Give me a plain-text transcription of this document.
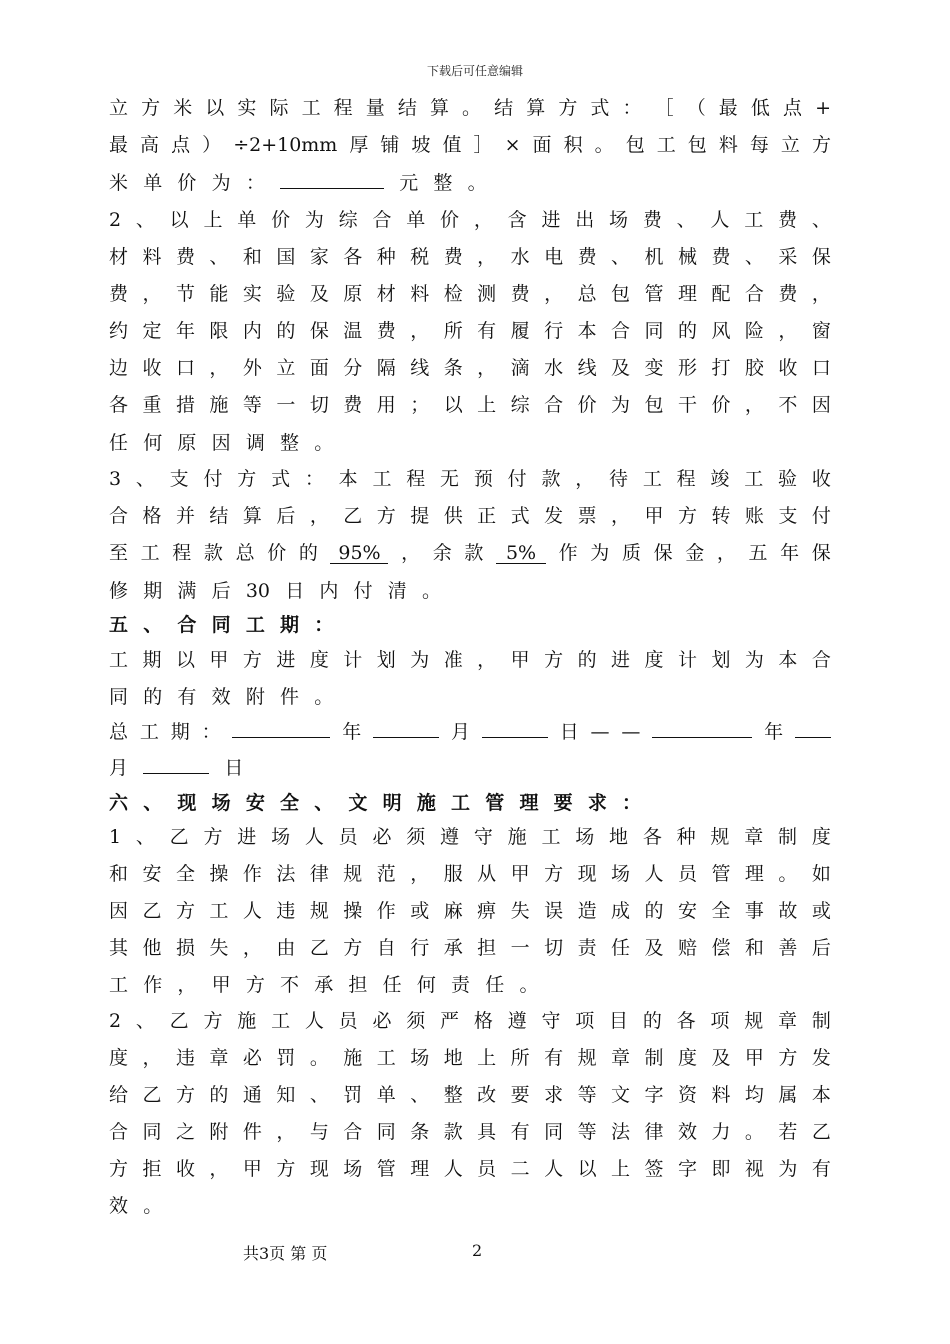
下载后可任意编辑
立 方 米 以 实 际 工 程 量 结 算 。 结 算 方 式 ： ［ （ 最 低 点 +
最 高 点 ） ÷2+10mm 厚 铺 坡 值 ］ × 面 积 。 包 工 包 料 每 立 方
米 单 价 为 ：	元 整 。
2 、 以 上 单 价 为 综 合 单 价 ， 含 进 出 场 费 、 人 工 费 、
材 料 费 、 和 国 家 各 种 税 费 ， 水 电 费 、 机 械 费 、 采 保
费 ， 节 能 实 验 及 原 材 料 检 测 费 ， 总 包 管 理 配 合 费 ，
约 定 年 限 内 的 保 温 费 ， 所 有 履 行 本 合 同 的 风 险 ， 窗
边 收 口 ， 外 立 面 分 隔 线 条 ， 滴 水 线 及 变 形 打 胶 收 口
各 重 措 施 等 一 切 费 用 ； 以 上 综 合 价 为 包 干 价 ， 不 因
任 何 原 因 调 整 。
3 、 支 付 方 式 ： 本 工 程 无 预 付 款 ， 待 工 程 竣 工 验 收
合 格 并 结 算 后 ， 乙 方 提 供 正 式 发 票 ， 甲 方 转 账 支 付
至 工 程 款 总 价 的	95%	， 余 款	5%	作 为 质 保 金 ， 五 年 保
修 期 满 后 30 日 内 付 清 。
五 、 合 同 工 期 ：
工 期 以 甲 方 进 度 计 划 为 准 ， 甲 方 的 进 度 计 划 为 本 合
同 的 有 效 附 件 。
总 工 期 ：	年	月	日 — —	年
月	日
六 、 现 场 安 全 、 文 明 施 工 管 理 要 求 ：
1 、 乙 方 进 场 人 员 必 须 遵 守 施 工 场 地 各 种 规 章 制 度
和 安 全 操 作 法 律 规 范 ， 服 从 甲 方 现 场 人 员 管 理 。 如
因 乙 方 工 人 违 规 操 作 或 麻 痹 失 误 造 成 的 安 全 事 故 或
其 他 损 失 ， 由 乙 方 自 行 承 担 一 切 责 任 及 赔 偿 和 善 后
工 作 ， 甲 方 不 承 担 任 何 责 任 。
2 、 乙 方 施 工 人 员 必 须 严 格 遵 守 项 目 的 各 项 规 章 制
度 ， 违 章 必 罚 。 施 工 场 地 上 所 有 规 章 制 度 及 甲 方 发
给 乙 方 的 通 知 、 罚 单 、 整 改 要 求 等 文 字 资 料 均 属 本
合 同 之 附 件 ， 与 合 同 条 款 具 有 同 等 法 律 效 力 。 若 乙
方 拒 收 ， 甲 方 现 场 管 理 人 员 二 人 以 上 签 字 即 视 为 有
效 。
共3页 第 页	2
